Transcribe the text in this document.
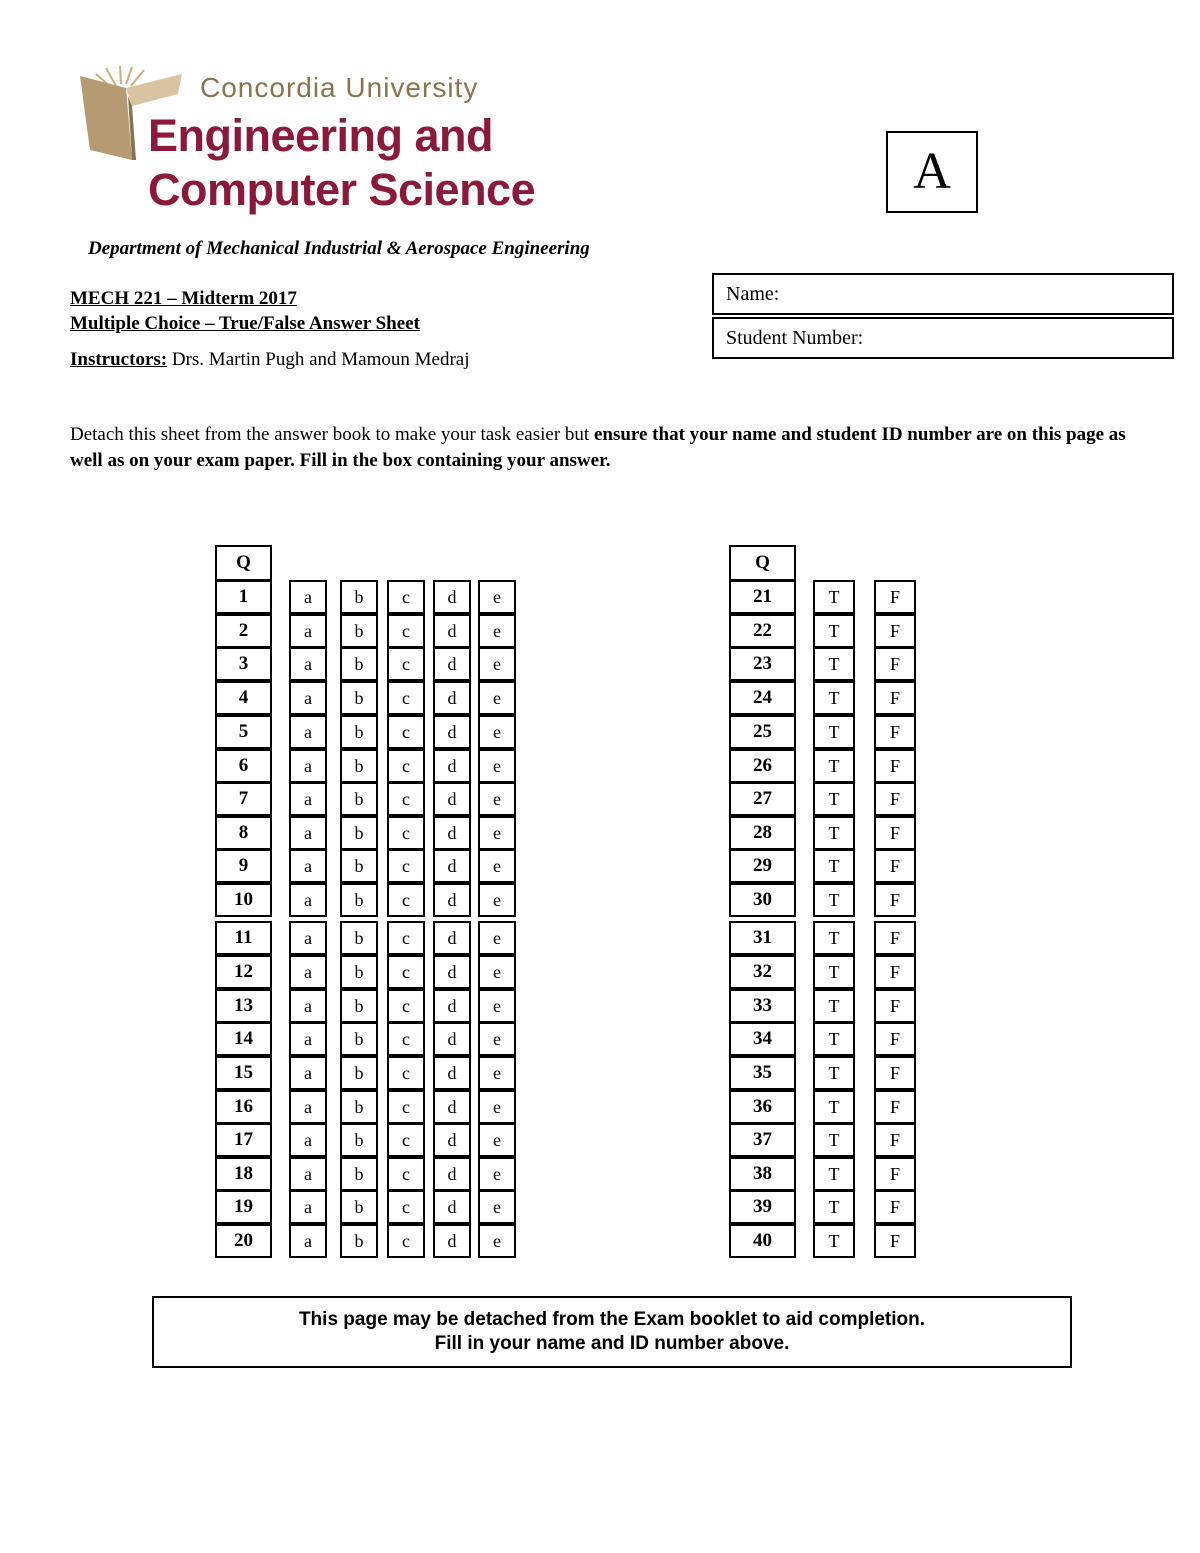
Concordia University
Engineering and
Computer Science	A
Department of Mechanical Industrial & Aerospace Engineering
MECH 221 – Midterm 2017
Multiple Choice – True/False Answer Sheet
Instructors: Drs. Martin Pugh and Mamoun Medraj
Name:
Student Number:
Detach this sheet from the answer book to make your task easier but ensure that your name and student ID number are on this page as well as on your exam paper. Fill in the box containing your answer.
Q
1	a	b	c	d	e
2	a	b	c	d	e
3	a	b	c	d	e
4	a	b	c	d	e
5	a	b	c	d	e
6	a	b	c	d	e
7	a	b	c	d	e
8	a	b	c	d	e
9	a	b	c	d	e
10	a	b	c	d	e
11	a	b	c	d	e
12	a	b	c	d	e
13	a	b	c	d	e
14	a	b	c	d	e
15	a	b	c	d	e
16	a	b	c	d	e
17	a	b	c	d	e
18	a	b	c	d	e
19	a	b	c	d	e
20	a	b	c	d	e
Q
21	T	F
22	T	F
23	T	F
24	T	F
25	T	F
26	T	F
27	T	F
28	T	F
29	T	F
30	T	F
31	T	F
32	T	F
33	T	F
34	T	F
35	T	F
36	T	F
37	T	F
38	T	F
39	T	F
40	T	F
This page may be detached from the Exam booklet to aid completion.
Fill in your name and ID number above.
